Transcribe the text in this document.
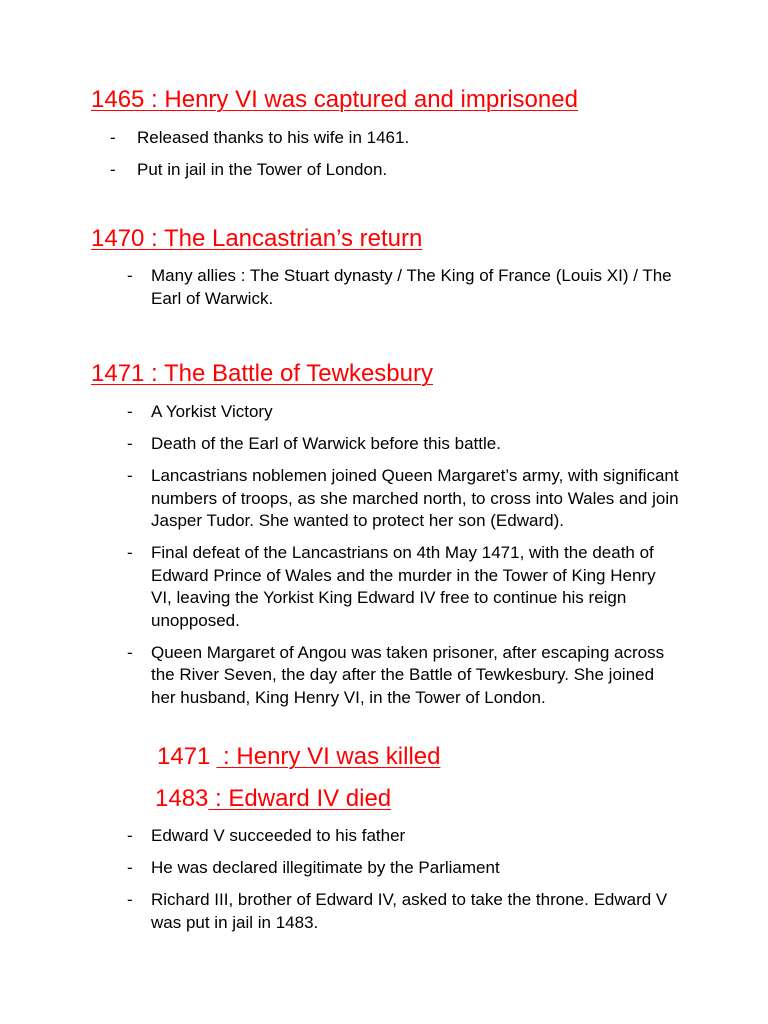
1465 : Henry VI was captured and imprisoned
- Released thanks to his wife in 1461.
- Put in jail in the Tower of London.
1470 : The Lancastrian’s return
- Many allies : The Stuart dynasty / The King of France (Louis XI) / The Earl of Warwick.
1471 : The Battle of Tewkesbury
- A Yorkist Victory
- Death of the Earl of Warwick before this battle.
- Lancastrians noblemen joined Queen Margaret’s army, with significant numbers of troops, as she marched north, to cross into Wales and join Jasper Tudor. She wanted to protect her son (Edward).
- Final defeat of the Lancastrians on 4th May 1471, with the death of Edward Prince of Wales and the murder in the Tower of King Henry VI, leaving the Yorkist King Edward IV free to continue his reign unopposed.
- Queen Margaret of Angou was taken prisoner, after escaping across the River Seven, the day after the Battle of Tewkesbury. She joined her husband, King Henry VI, in the Tower of London.
1471 : Henry VI was killed
1483 : Edward IV died
- Edward V succeeded to his father
- He was declared illegitimate by the Parliament
- Richard III, brother of Edward IV, asked to take the throne. Edward V was put in jail in 1483.
